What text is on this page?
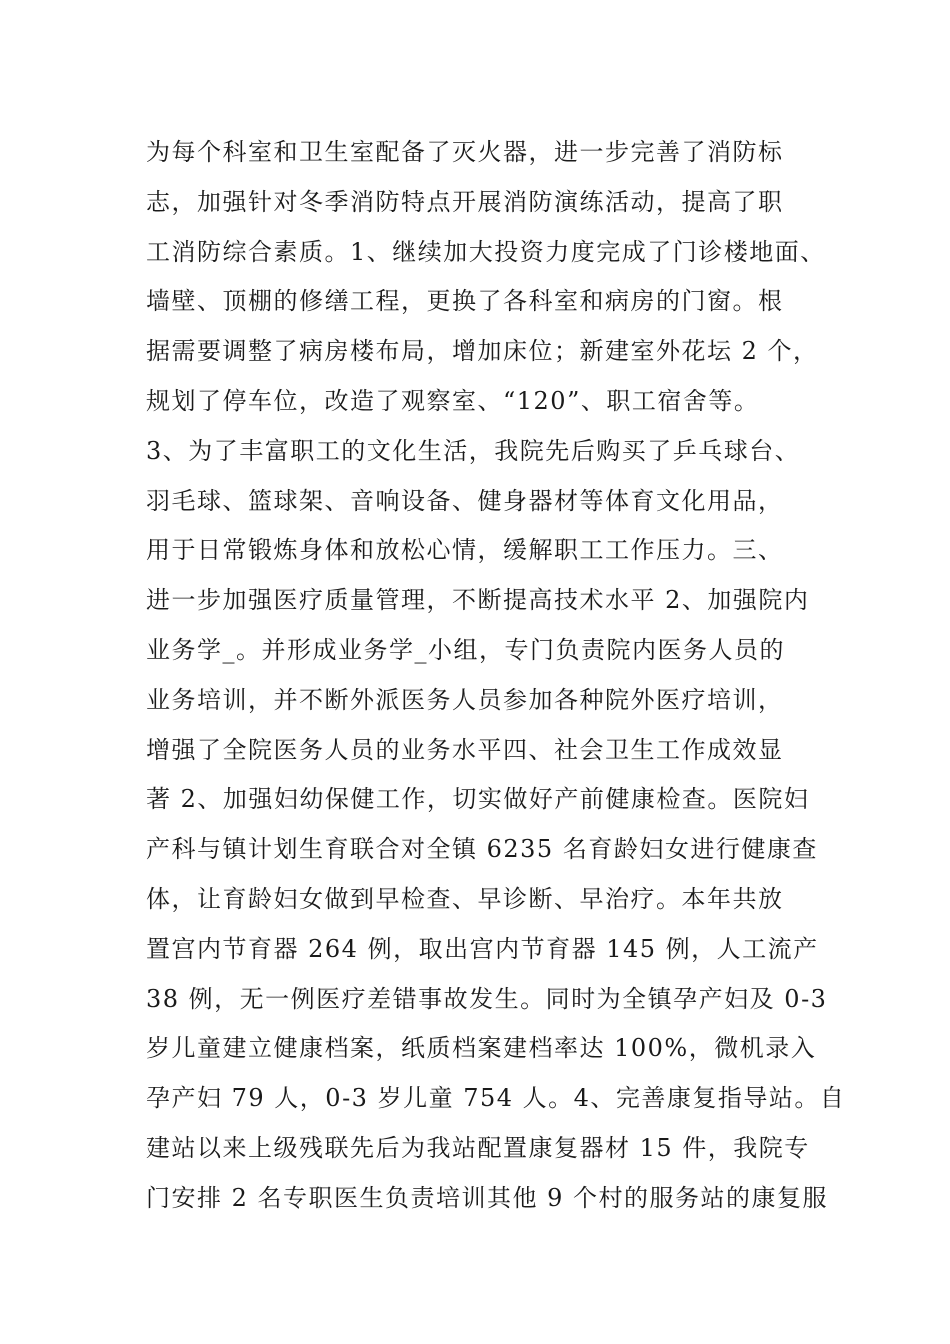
为每个科室和卫生室配备了灭火器，进一步完善了消防标
志，加强针对冬季消防特点开展消防演练活动，提高了职
工消防综合素质。1、继续加大投资力度完成了门诊楼地面、
墙壁、顶棚的修缮工程，更换了各科室和病房的门窗。根
据需要调整了病房楼布局，增加床位；新建室外花坛 2 个，
规划了停车位，改造了观察室、“120”、职工宿舍等。
3、为了丰富职工的文化生活，我院先后购买了乒乓球台、
羽毛球、篮球架、音响设备、健身器材等体育文化用品，
用于日常锻炼身体和放松心情，缓解职工工作压力。三、
进一步加强医疗质量管理，不断提高技术水平 2、加强院内
业务学_。并形成业务学_小组，专门负责院内医务人员的
业务培训，并不断外派医务人员参加各种院外医疗培训，
增强了全院医务人员的业务水平四、社会卫生工作成效显
著 2、加强妇幼保健工作，切实做好产前健康检查。医院妇
产科与镇计划生育联合对全镇 6235 名育龄妇女进行健康查
体，让育龄妇女做到早检查、早诊断、早治疗。本年共放
置宫内节育器 264 例，取出宫内节育器 145 例，人工流产
38 例，无一例医疗差错事故发生。同时为全镇孕产妇及 0-3
岁儿童建立健康档案，纸质档案建档率达 100%，微机录入
孕产妇 79 人，0-3 岁儿童 754 人。4、完善康复指导站。自
建站以来上级残联先后为我站配置康复器材 15 件，我院专
门安排 2 名专职医生负责培训其他 9 个村的服务站的康复服
